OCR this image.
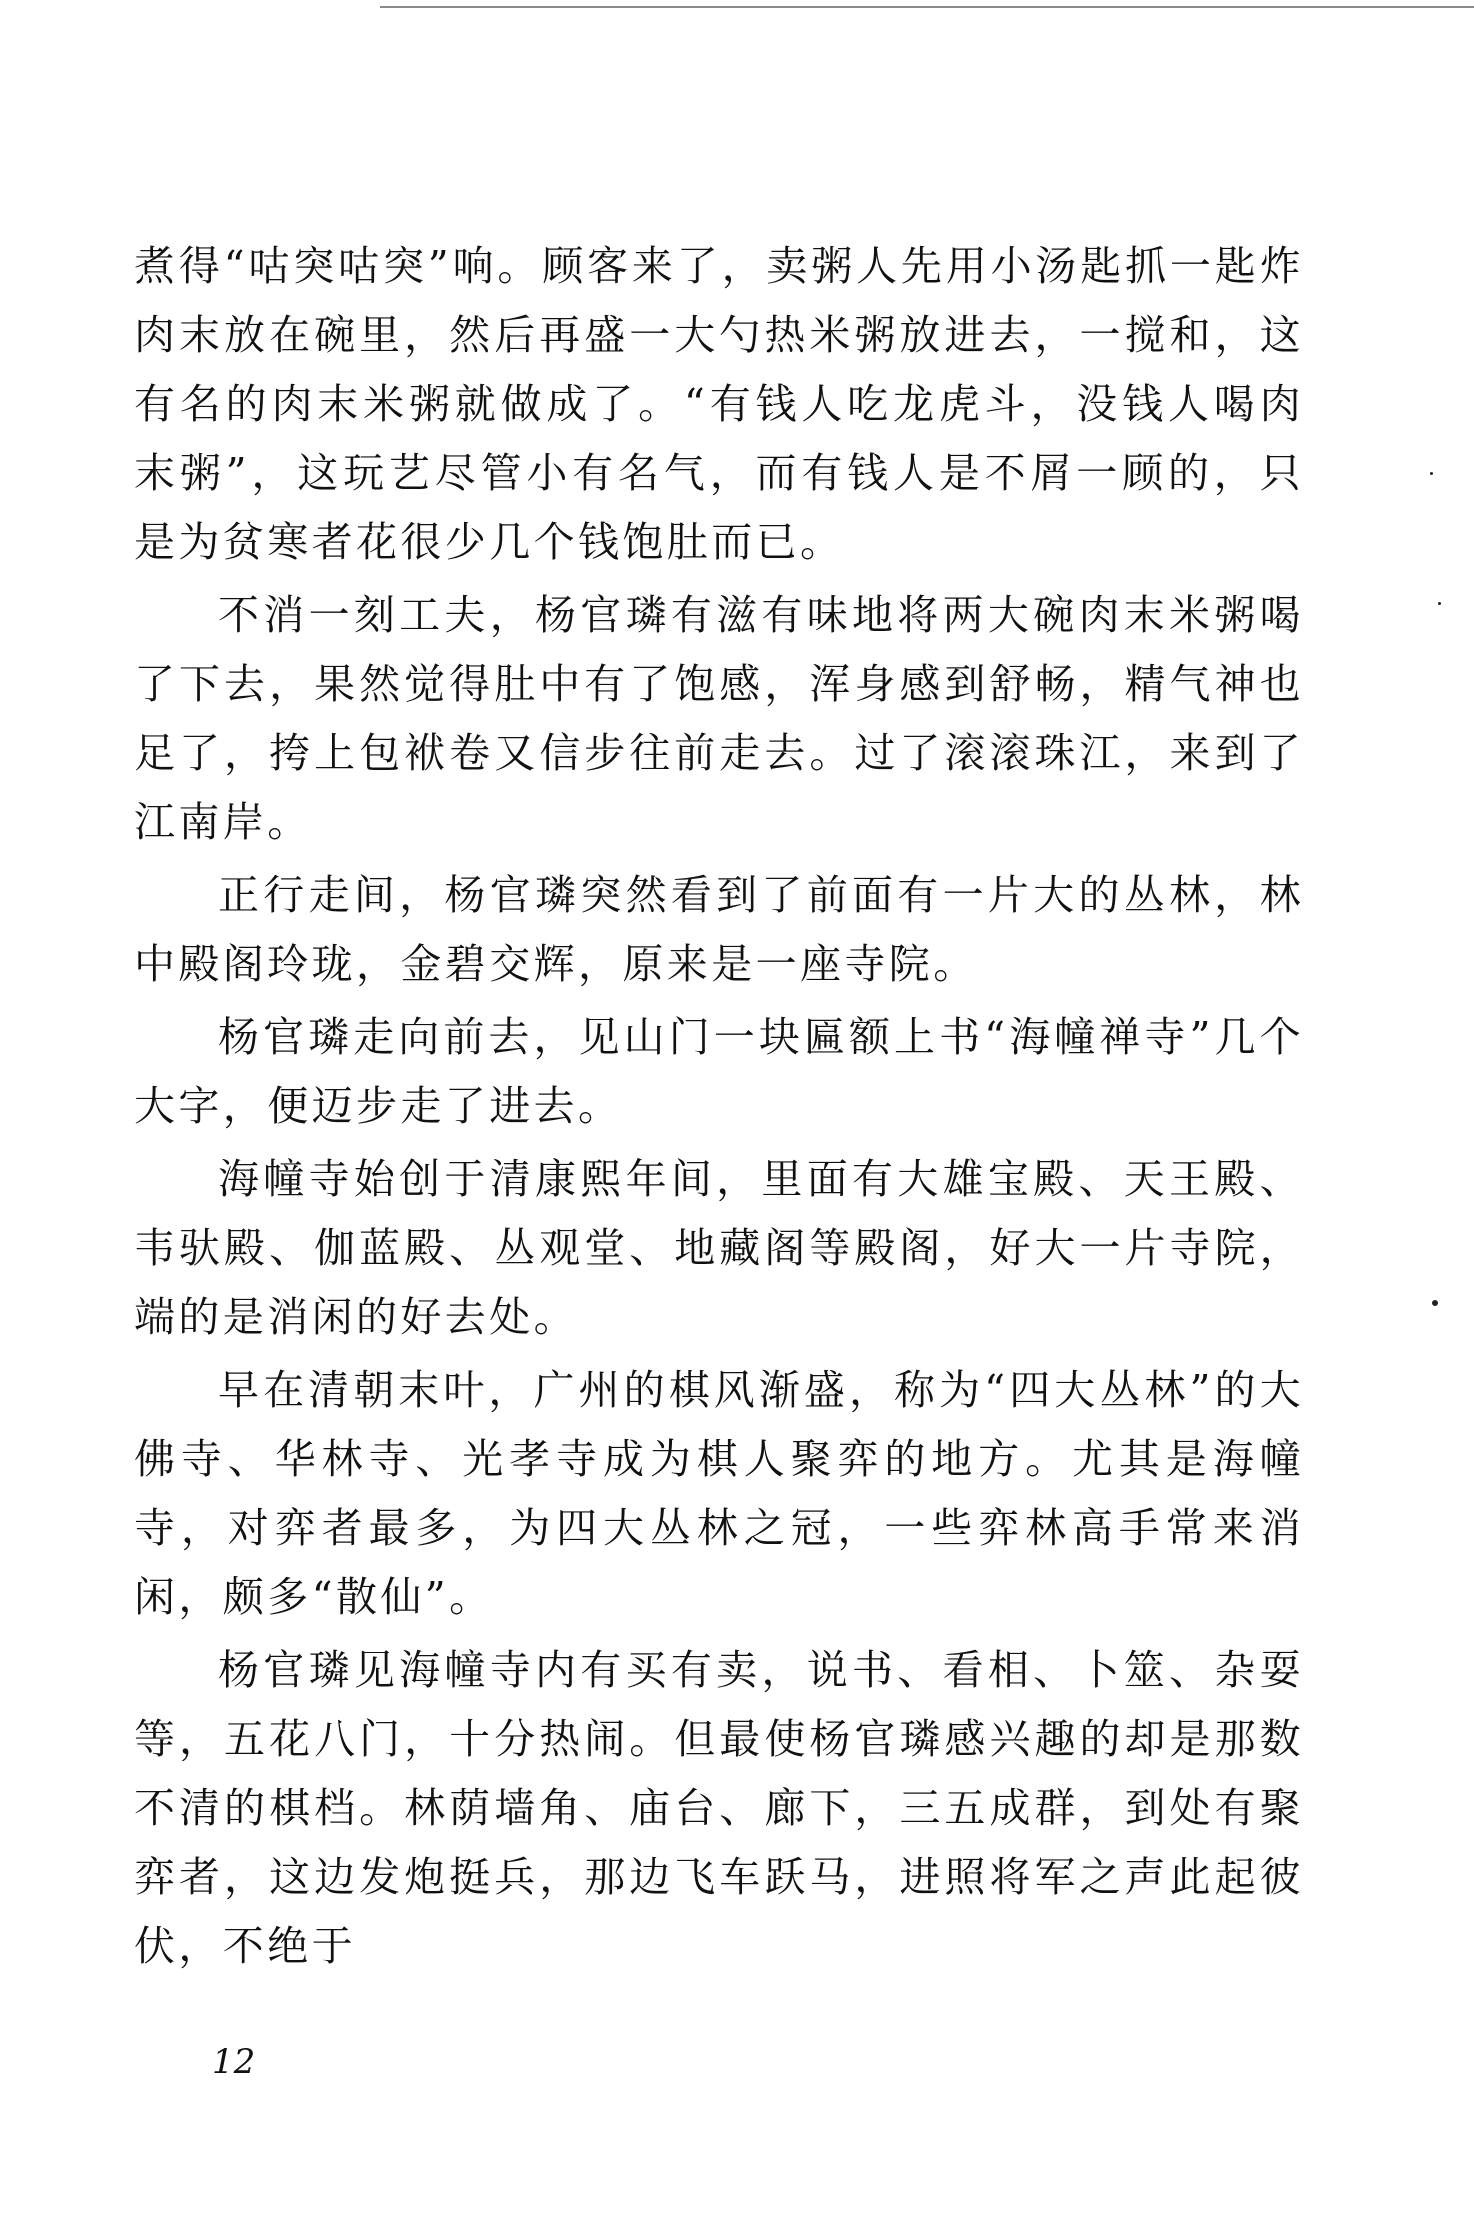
煮得“咕突咕突”响。顾客来了，卖粥人先用小汤匙抓一匙炸肉末放在碗里，然后再盛一大勺热米粥放进去，一搅和，这有名的肉末米粥就做成了。“有钱人吃龙虎斗，没钱人喝肉末粥”，这玩艺尽管小有名气，而有钱人是不屑一顾的，只是为贫寒者花很少几个钱饱肚而已。

不消一刻工夫，杨官璘有滋有味地将两大碗肉末米粥喝了下去，果然觉得肚中有了饱感，浑身感到舒畅，精气神也足了，挎上包袱卷又信步往前走去。过了滚滚珠江，来到了江南岸。

正行走间，杨官璘突然看到了前面有一片大的丛林，林中殿阁玲珑，金碧交辉，原来是一座寺院。

杨官璘走向前去，见山门一块匾额上书“海幢禅寺”几个大字，便迈步走了进去。

海幢寺始创于清康熙年间，里面有大雄宝殿、天王殿、韦驮殿、伽蓝殿、丛观堂、地藏阁等殿阁，好大一片寺院，端的是消闲的好去处。

早在清朝末叶，广州的棋风渐盛，称为“四大丛林”的大佛寺、华林寺、光孝寺成为棋人聚弈的地方。尤其是海幢寺，对弈者最多，为四大丛林之冠，一些弈林高手常来消闲，颇多“散仙”。

杨官璘见海幢寺内有买有卖，说书、看相、卜筮、杂耍等，五花八门，十分热闹。但最使杨官璘感兴趣的却是那数不清的棋档。林荫墙角、庙台、廊下，三五成群，到处有聚弈者，这边发炮挺兵，那边飞车跃马，进照将军之声此起彼伏，不绝于

12
